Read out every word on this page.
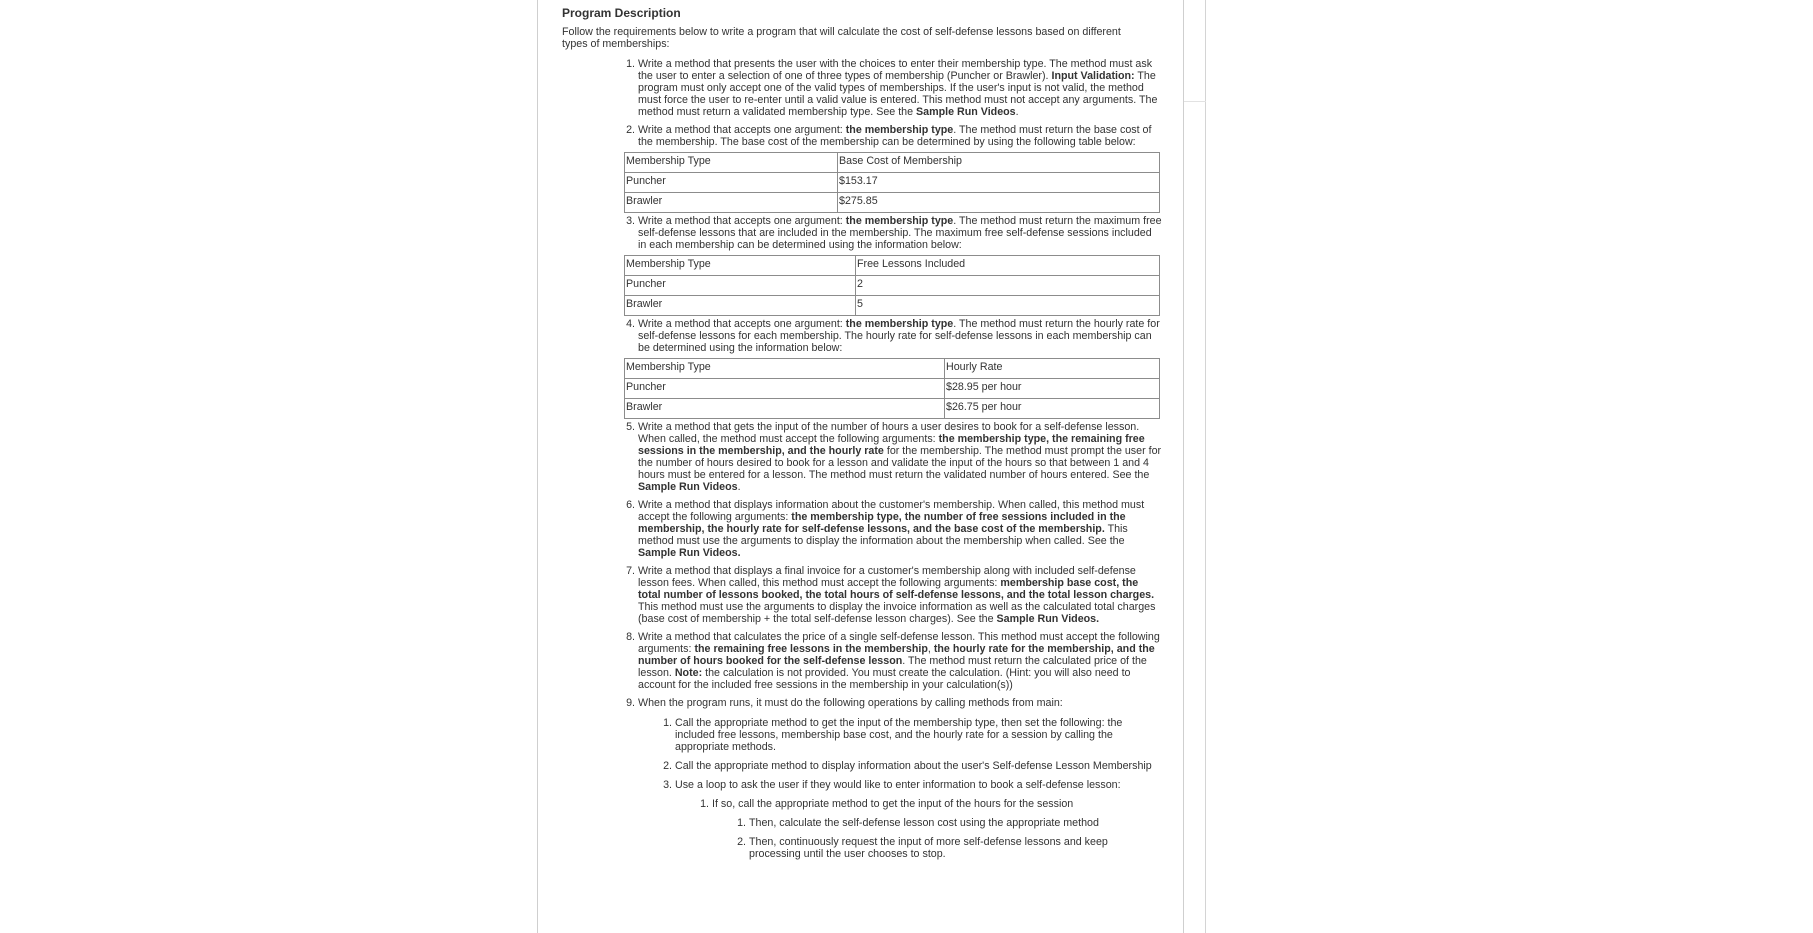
Program Description

Follow the requirements below to write a program that will calculate the cost of self-defense lessons based on different types of memberships:

1. Write a method that presents the user with the choices to enter their membership type. The method must ask the user to enter a selection of one of three types of membership (Puncher or Brawler). Input Validation: The program must only accept one of the valid types of memberships. If the user's input is not valid, the method must force the user to re-enter until a valid value is entered. This method must not accept any arguments. The method must return a validated membership type. See the Sample Run Videos.
2. Write a method that accepts one argument: the membership type. The method must return the base cost of the membership. The base cost of the membership can be determined by using the following table below:
Membership Type	Base Cost of Membership
Puncher	$153.17
Brawler	$275.85
3. Write a method that accepts one argument: the membership type. The method must return the maximum free self-defense lessons that are included in the membership. The maximum free self-defense sessions included in each membership can be determined using the information below:
Membership Type	Free Lessons Included
Puncher	2
Brawler	5
4. Write a method that accepts one argument: the membership type. The method must return the hourly rate for self-defense lessons for each membership. The hourly rate for self-defense lessons in each membership can be determined using the information below:
Membership Type	Hourly Rate
Puncher	$28.95 per hour
Brawler	$26.75 per hour
5. Write a method that gets the input of the number of hours a user desires to book for a self-defense lesson. When called, the method must accept the following arguments: the membership type, the remaining free sessions in the membership, and the hourly rate for the membership. The method must prompt the user for the number of hours desired to book for a lesson and validate the input of the hours so that between 1 and 4 hours must be entered for a lesson. The method must return the validated number of hours entered. See the Sample Run Videos.
6. Write a method that displays information about the customer's membership. When called, this method must accept the following arguments: the membership type, the number of free sessions included in the membership, the hourly rate for self-defense lessons, and the base cost of the membership. This method must use the arguments to display the information about the membership when called. See the Sample Run Videos.
7. Write a method that displays a final invoice for a customer's membership along with included self-defense lesson fees. When called, this method must accept the following arguments: membership base cost, the total number of lessons booked, the total hours of self-defense lessons, and the total lesson charges. This method must use the arguments to display the invoice information as well as the calculated total charges (base cost of membership + the total self-defense lesson charges). See the Sample Run Videos.
8. Write a method that calculates the price of a single self-defense lesson. This method must accept the following arguments: the remaining free lessons in the membership, the hourly rate for the membership, and the number of hours booked for the self-defense lesson. The method must return the calculated price of the lesson. Note: the calculation is not provided. You must create the calculation. (Hint: you will also need to account for the included free sessions in the membership in your calculation(s))
9. When the program runs, it must do the following operations by calling methods from main:
1. Call the appropriate method to get the input of the membership type, then set the following: the included free lessons, membership base cost, and the hourly rate for a session by calling the appropriate methods.
2. Call the appropriate method to display information about the user's Self-defense Lesson Membership
3. Use a loop to ask the user if they would like to enter information to book a self-defense lesson:
1. If so, call the appropriate method to get the input of the hours for the session
1. Then, calculate the self-defense lesson cost using the appropriate method
2. Then, continuously request the input of more self-defense lessons and keep processing until the user chooses to stop.
